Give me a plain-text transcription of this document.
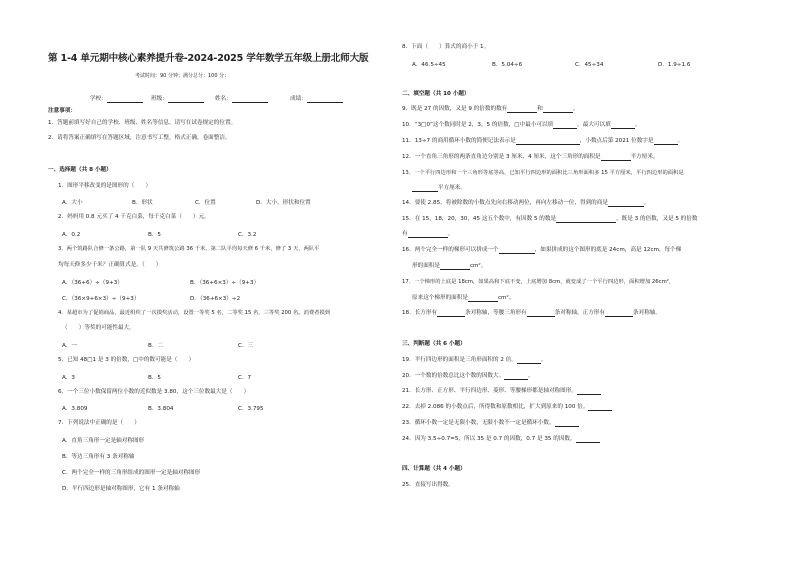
第 1-4 单元期中核心素养提升卷-2024-2025 学年数学五年级上册北师大版
考试时间：90 分钟；满分总分：100 分；
学校：	班级：	姓名：	成绩：
注意事项：
1．答题前填写好自己的学校、班级、姓名等信息，请写在试卷规定的位置。
2．请将答案正确填写在答题区域，注意书写工整，格式正确，卷面整洁。
一、选择题（共 8 小题）
1．图形平移改变的是图形的（　　）
A．大小	B．形状	C．位置	D．大小、形状和位置
2．妈妈用 0.8 元买了 4 千克白菜，每千克白菜（　　）元。
A．0.2	B．5	C．3.2
3．两个筑路队合修一条公路，第一队 9 天共修筑公路 36 千米，第二队平均每天修 6 千米，修了 3 天，两队平
均每天修多少千米？正确算式是。（　　）
A．（36+6）÷（9+3）	B．（36+6×3）÷（9+3）
C．（36×9+6×3）÷（9+3）	D．（36+6×3）÷2
4．某超市为了促销商品，最近组织了一次摸奖活动，设置一等奖 5 名，二等奖 15 名，三等奖 200 名。消费者摸到
（　　）等奖的可能性最大。
A．一	B．二	C．三
5．已知 48□1 是 3 的倍数，□中的数可能是（　　）
A．3	B．5	C．7
6．一个三位小数保留两位小数的近似数是 3.80，这个三位数最大是（　　）
A．3.809	B．3.804	C．3.795
7．下列说法中正确的是（　　）
A．直角三角形一定是轴对称图形
B．等边三角形有 3 条对称轴
C．两个完全一样的三角形组成的图形一定是轴对称图形
D．平行四边形是轴对称图形，它有 1 条对称轴
8．下面（　　）算式的商小于 1。
A．46.5÷45	B．5.04÷6	C．45÷34	D．1.9÷1.6
二、填空题（共 10 小题）
9．既是 27 的因数，又是 9 的倍数的数有	和	。
10．“3□0”这个数同时是 2，3，5 的倍数，□中最小可以填	，最大可以填	。
11．13÷7 的商用循环小数的简便记法表示是	，小数点后第 2021 位数字是	。
12．一个直角三角形的两条直角边分别是 3 厘米、4 厘米，这个三角形的面积是	平方厘米。
13．一个平行四边形和一个三角形等底等高，已知平行四边形的面积比三角形面积多 15 平方厘米，平行四边形的面积是
平方厘米。
14．要使 2.85，将被除数的小数点先向右移动两位，再向左移动一位，得到的商是	。
15．在 15，18，20，30，45 这五个数中，有因数 5 的数是	，既是 3 的倍数，又是 5 的倍数
有	。
16．两个完全一样的梯形可以拼成一个	，如果拼成的这个图形的底是 24cm，高是 12cm，每个梯
形的面积是	cm²。
17．一个梯形的上底是 18cm，如果高和下底不变，上底增加 8cm，就变成了一个平行四边形，面积增加 26cm²，
原来这个梯形的面积是	cm²。
18．长方形有	条对称轴，等腰三角形有	条对称轴，正方形有	条对称轴。
三、判断题（共 6 小题）
19．平行四边形的面积是三角形面积的 2 倍。	。
20．一个数的倍数总比这个数的因数大。	。
21．长方形、正方形、平行四边形、菱形、等腰梯形都是轴对称图形。
22．去掉 2.086 的小数点后，所得数和原数相比，扩大到原来的 100 倍。
23．循环小数一定是无限小数，无限小数不一定是循环小数。
24．因为 3.5÷0.7=5，所以 35 是 0.7 的因数，0.7 是 35 的因数。
四、计算题（共 4 小题）
25．直接写出得数。
